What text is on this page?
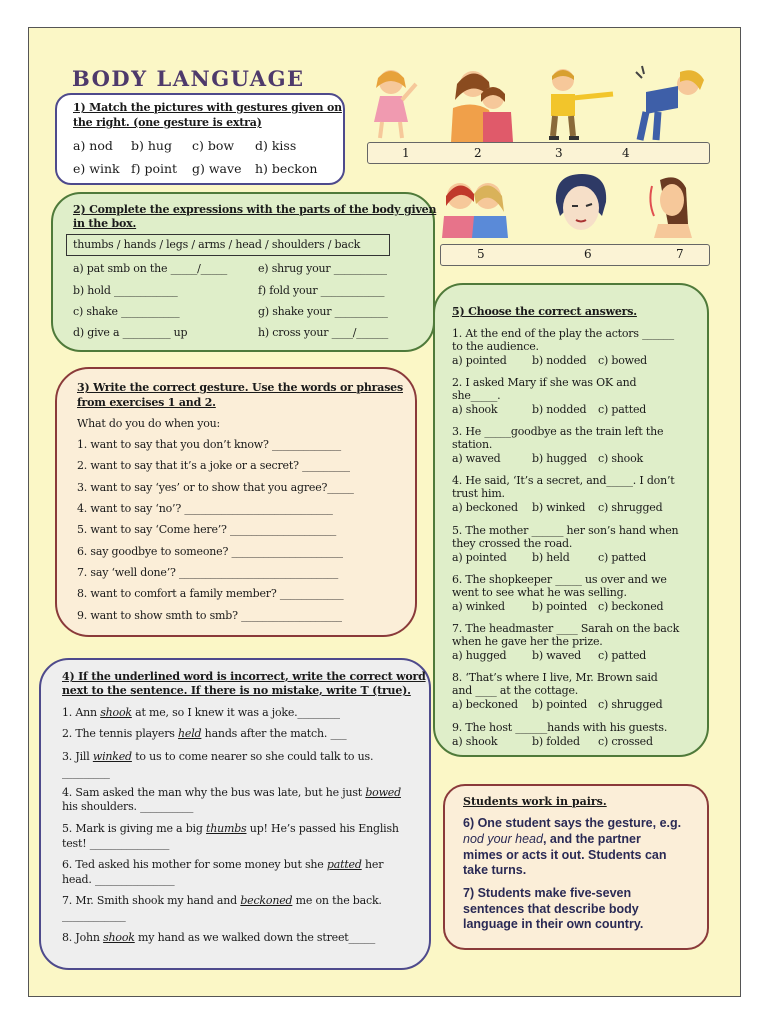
BODY LANGUAGE
1) Match the pictures with gestures given on
the right. (one gesture is extra)
a) nod b) hug c) bow d) kiss
e) wink f) point g) wave h) beckon
1	2	3	4
5	6	7
2) Complete the expressions with the parts of the body given
in the box.
thumbs / hands / legs / arms / head / shoulders / back
a) pat smb on the _____/_____
b) hold ____________
c) shake ___________
d) give a _________ up
e) shrug your __________
f) fold your ____________
g) shake your __________
h) cross your ____/______
3) Write the correct gesture. Use the words or phrases
from exercises 1 and 2.
What do you do when you:
1. want to say that you don’t know? _____________
2. want to say that it’s a joke or a secret? _________
3. want to say ‘yes’ or to show that you agree?_____
4. want to say ‘no’? ____________________________
5. want to say ‘Come here’? ____________________
6. say goodbye to someone? _____________________
7. say ‘well done’? ______________________________
8. want to comfort a family member? ____________
9. want to show smth to smb? ___________________
4) If the underlined word is incorrect, write the correct word
next to the sentence. If there is no mistake, write T (true).
1. Ann shook at me, so I knew it was a joke.________
2. The tennis players held hands after the match. ___
3. Jill winked to us to come nearer so she could talk to us.
_________
4. Sam asked the man why the bus was late, but he just bowed
his shoulders. __________
5. Mark is giving me a big thumbs up! He’s passed his English
test! _______________
6. Ted asked his mother for some money but she patted her
head. _______________
7. Mr. Smith shook my hand and beckoned me on the back.
____________
8. John shook my hand as we walked down the street_____
5) Choose the correct answers.
1. At the end of the play the actors ______
to the audience.
a) pointed b) nodded c) bowed
2. I asked Mary if she was OK and
she_____.
a) shook	b) nodded c) patted
3. He _____goodbye as the train left the
station.
a) waved	b) hugged c) shook
4. He said, ‘It’s a secret, and_____. I don’t
trust him.
a) beckoned b) winked c) shrugged
5. The mother ______ her son’s hand when
they crossed the road.
a) pointed b) held	c) patted
6. The shopkeeper _____ us over and we
went to see what he was selling.
a) winked b) pointed c) beckoned
7. The headmaster ____ Sarah on the back
when he gave her the prize.
a) hugged b) waved c) patted
8. ‘That’s where I live, Mr. Brown said
and ____ at the cottage.
a) beckoned b) pointed c) shrugged
9. The host ______hands with his guests.
a) shook	b) folded c) crossed
Students work in pairs.
6) One student says the gesture, e.g.
nod your head, and the partner
mimes or acts it out. Students can
take turns.
7) Students make five-seven
sentences that describe body
language in their own country.
